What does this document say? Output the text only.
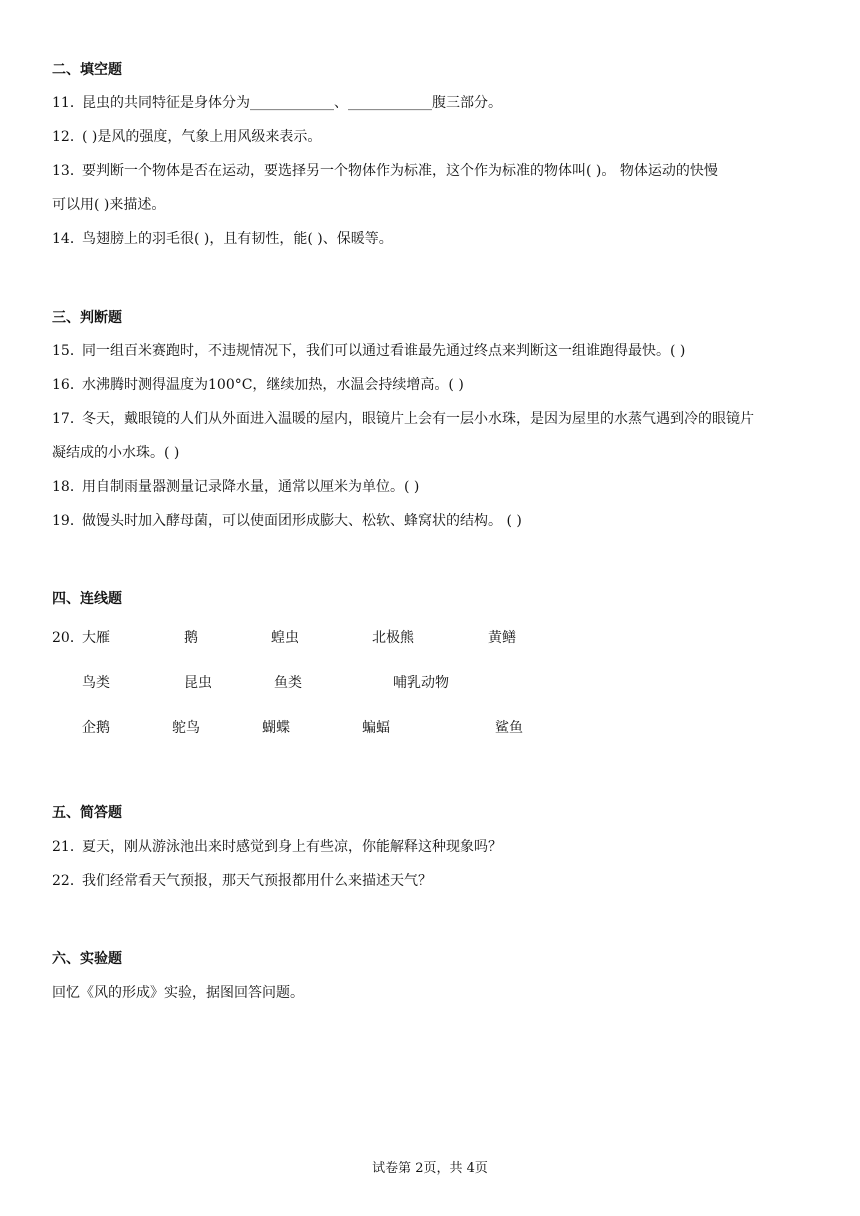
二、填空题
11．
昆虫的共同特征是身体分为____________、____________腹三部分。
12．
( )是风的强度，气象上用风级来表示。
13．
要判断一个物体是否在运动，要选择另一个物体作为标准，这个作为标准的物体叫( )。 物体运动的快慢
可以用( )来描述。
14．
鸟翅膀上的羽毛很( )，且有韧性，能( )、保暖等。
三、判断题
15．
同一组百米赛跑时，不违规情况下，我们可以通过看谁最先通过终点来判断这一组谁跑得最快。( )
16．
水沸腾时测得温度为100°C，继续加热，水温会持续增高。( )
17．
冬天，戴眼镜的人们从外面进入温暖的屋内，眼镜片上会有一层小水珠，是因为屋里的水蒸气遇到冷的眼镜片
凝结成的小水珠。( )
18．
用自制雨量器测量记录降水量，通常以厘米为单位。( )
19．
做馒头时加入酵母菌，可以使面团形成膨大、松软、蜂窝状的结构。 ( )
四、连线题
20．
大雁	鹅	蝗虫	北极熊	黄鳝
鸟类	昆虫	鱼类	哺乳动物
企鹅	鸵鸟	蝴蝶	蝙蝠	鲨鱼
五、简答题
21．
夏天，刚从游泳池出来时感觉到身上有些凉，你能解释这种现象吗？
22．
我们经常看天气预报，那天气预报都用什么来描述天气？
六、实验题
回忆《风的形成》实验，据图回答问题。
试卷第 2页，共 4页
